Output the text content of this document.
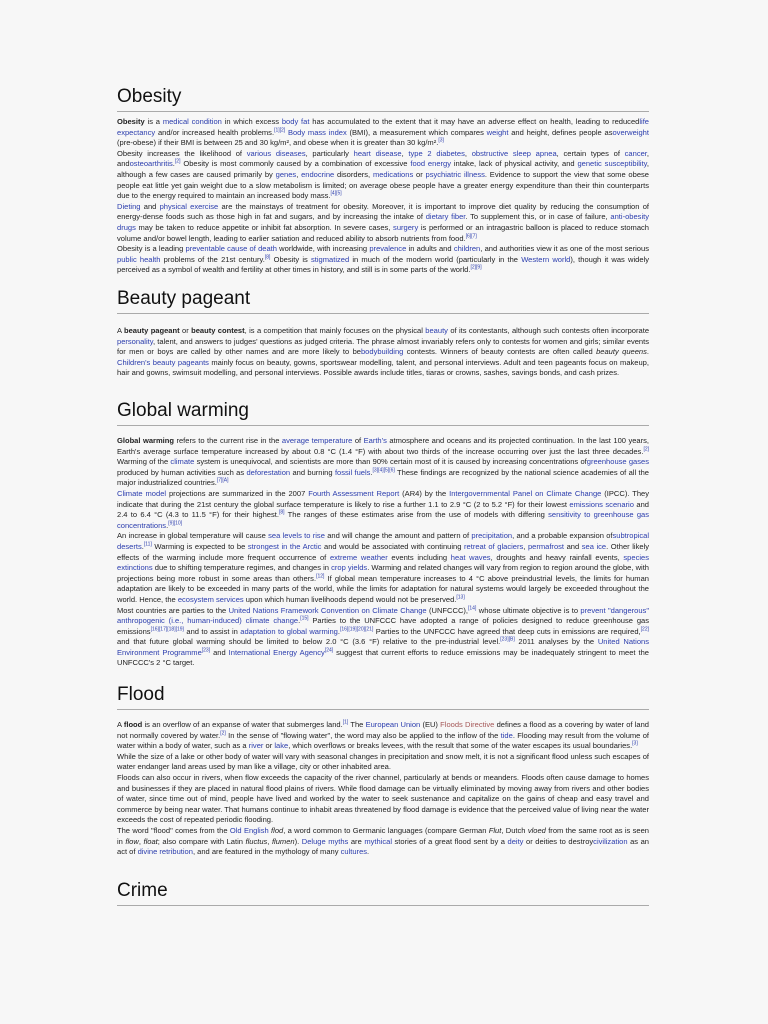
Obesity

Obesity is a medical condition in which excess body fat has accumulated to the extent that it may have an adverse effect on health, leading to reducedlife expectancy and/or increased health problems.[1][2] Body mass index (BMI), a measurement which compares weight and height, defines people asoverweight (pre-obese) if their BMI is between 25 and 30 kg/m², and obese when it is greater than 30 kg/m².[3]

Obesity increases the likelihood of various diseases, particularly heart disease, type 2 diabetes, obstructive sleep apnea, certain types of cancer, andosteoarthritis.[2] Obesity is most commonly caused by a combination of excessive food energy intake, lack of physical activity, and genetic susceptibility, although a few cases are caused primarily by genes, endocrine disorders, medications or psychiatric illness. Evidence to support the view that some obese people eat little yet gain weight due to a slow metabolism is limited; on average obese people have a greater energy expenditure than their thin counterparts due to the energy required to maintain an increased body mass.[4][5]

Dieting and physical exercise are the mainstays of treatment for obesity. Moreover, it is important to improve diet quality by reducing the consumption of energy-dense foods such as those high in fat and sugars, and by increasing the intake of dietary fiber. To supplement this, or in case of failure, anti-obesity drugs may be taken to reduce appetite or inhibit fat absorption. In severe cases, surgery is performed or an intragastric balloon is placed to reduce stomach volume and/or bowel length, leading to earlier satiation and reduced ability to absorb nutrients from food.[6][7]

Obesity is a leading preventable cause of death worldwide, with increasing prevalence in adults and children, and authorities view it as one of the most serious public health problems of the 21st century.[8] Obesity is stigmatized in much of the modern world (particularly in the Western world), though it was widely perceived as a symbol of wealth and fertility at other times in history, and still is in some parts of the world.[2][9]

Beauty pageant

A beauty pageant or beauty contest, is a competition that mainly focuses on the physical beauty of its contestants, although such contests often incorporate personality, talent, and answers to judges' questions as judged criteria. The phrase almost invariably refers only to contests for women and girls; similar events for men or boys are called by other names and are more likely to bebodybuilding contests. Winners of beauty contests are often called beauty queens. Children's beauty pageants mainly focus on beauty, gowns, sportswear modelling, talent, and personal interviews. Adult and teen pageants focus on makeup, hair and gowns, swimsuit modelling, and personal interviews. Possible awards include titles, tiaras or crowns, sashes, savings bonds, and cash prizes.

Global warming

Global warming refers to the current rise in the average temperature of Earth's atmosphere and oceans and its projected continuation. In the last 100 years, Earth's average surface temperature increased by about 0.8 °C (1.4 °F) with about two thirds of the increase occurring over just the last three decades.[2] Warming of the climate system is unequivocal, and scientists are more than 90% certain most of it is caused by increasing concentrations ofgreenhouse gases produced by human activities such as deforestation and burning fossil fuels.[3][4][5][6] These findings are recognized by the national science academies of all the major industrialized countries.[7][A]

Climate model projections are summarized in the 2007 Fourth Assessment Report (AR4) by the Intergovernmental Panel on Climate Change (IPCC). They indicate that during the 21st century the global surface temperature is likely to rise a further 1.1 to 2.9 °C (2 to 5.2 °F) for their lowest emissions scenario and 2.4 to 6.4 °C (4.3 to 11.5 °F) for their highest.[8] The ranges of these estimates arise from the use of models with differing sensitivity to greenhouse gas concentrations.[9][10]

An increase in global temperature will cause sea levels to rise and will change the amount and pattern of precipitation, and a probable expansion ofsubtropical deserts.[11] Warming is expected to be strongest in the Arctic and would be associated with continuing retreat of glaciers, permafrost and sea ice. Other likely effects of the warming include more frequent occurrence of extreme weather events including heat waves, droughts and heavy rainfall events, species extinctions due to shifting temperature regimes, and changes in crop yields. Warming and related changes will vary from region to region around the globe, with projections being more robust in some areas than others.[12] If global mean temperature increases to 4 °C above preindustrial levels, the limits for human adaptation are likely to be exceeded in many parts of the world, while the limits for adaptation for natural systems would largely be exceeded throughout the world. Hence, the ecosystem services upon which human livelihoods depend would not be preserved.[13]

Most countries are parties to the United Nations Framework Convention on Climate Change (UNFCCC),[14] whose ultimate objective is to prevent "dangerous" anthropogenic (i.e., human-induced) climate change.[15] Parties to the UNFCCC have adopted a range of policies designed to reduce greenhouse gas emissions[16][17][18][19] and to assist in adaptation to global warming.[16][19][20][21] Parties to the UNFCCC have agreed that deep cuts in emissions are required,[22] and that future global warming should be limited to below 2.0 °C (3.6 °F) relative to the pre-industrial level.[23][B] 2011 analyses by the United Nations Environment Programme[23] and International Energy Agency[24] suggest that current efforts to reduce emissions may be inadequately stringent to meet the UNFCCC's 2 °C target.

Flood

A flood is an overflow of an expanse of water that submerges land.[1] The European Union (EU) Floods Directive defines a flood as a covering by water of land not normally covered by water.[2] In the sense of "flowing water", the word may also be applied to the inflow of the tide. Flooding may result from the volume of water within a body of water, such as a river or lake, which overflows or breaks levees, with the result that some of the water escapes its usual boundaries.[3]

While the size of a lake or other body of water will vary with seasonal changes in precipitation and snow melt, it is not a significant flood unless such escapes of water endanger land areas used by man like a village, city or other inhabited area.

Floods can also occur in rivers, when flow exceeds the capacity of the river channel, particularly at bends or meanders. Floods often cause damage to homes and businesses if they are placed in natural flood plains of rivers. While flood damage can be virtually eliminated by moving away from rivers and other bodies of water, since time out of mind, people have lived and worked by the water to seek sustenance and capitalize on the gains of cheap and easy travel and commerce by being near water. That humans continue to inhabit areas threatened by flood damage is evidence that the perceived value of living near the water exceeds the cost of repeated periodic flooding.

The word "flood" comes from the Old English flod, a word common to Germanic languages (compare German Flut, Dutch vloed from the same root as is seen in flow, float; also compare with Latin fluctus, flumen). Deluge myths are mythical stories of a great flood sent by a deity or deities to destroycivilization as an act of divine retribution, and are featured in the mythology of many cultures.

Crime
